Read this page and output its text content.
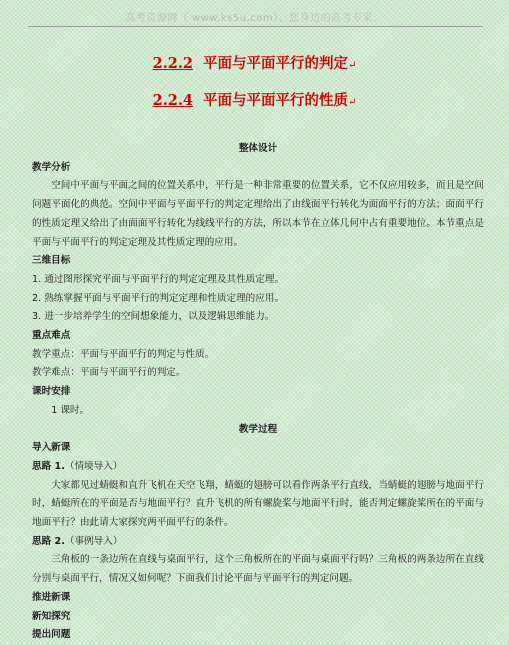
高考资源网（ www.ks5u.com），您身边的高考专家。
2.2.2 平面与平面平行的判定↵
2.2.4 平面与平面平行的性质↵
整体设计
教学分析
空间中平面与平面之间的位置关系中，平行是一种非常重要的位置关系，它不仅应用较多，而且是空间问题平面化的典范。空间中平面与平面平行的判定定理给出了由线面平行转化为面面平行的方法；面面平行的性质定理又给出了由面面平行转化为线线平行的方法，所以本节在立体几何中占有重要地位。本节重点是平面与平面平行的判定定理及其性质定理的应用。
三维目标
1. 通过图形探究平面与平面平行的判定定理及其性质定理。
2. 熟练掌握平面与平面平行的判定定理和性质定理的应用。
3. 进一步培养学生的空间想象能力，以及逻辑思维能力。
重点难点
教学重点：平面与平面平行的判定与性质。
教学难点：平面与平面平行的判定。
课时安排
1 课时。
教学过程
导入新课
思路 1.（情境导入）
大家都见过蜻蜓和直升飞机在天空飞翔，蜻蜓的翅膀可以看作两条平行直线，当蜻蜓的翅膀与地面平行时，蜻蜓所在的平面是否与地面平行？直升飞机的所有螺旋桨与地面平行时，能否判定螺旋桨所在的平面与地面平行？由此请大家探究两平面平行的条件。
思路 2.（事例导入）
三角板的一条边所在直线与桌面平行，这个三角板所在的平面与桌面平行吗？三角板的两条边所在直线分别与桌面平行，情况又如何呢？下面我们讨论平面与平面平行的判定问题。
推进新课
新知探究
提出问题
